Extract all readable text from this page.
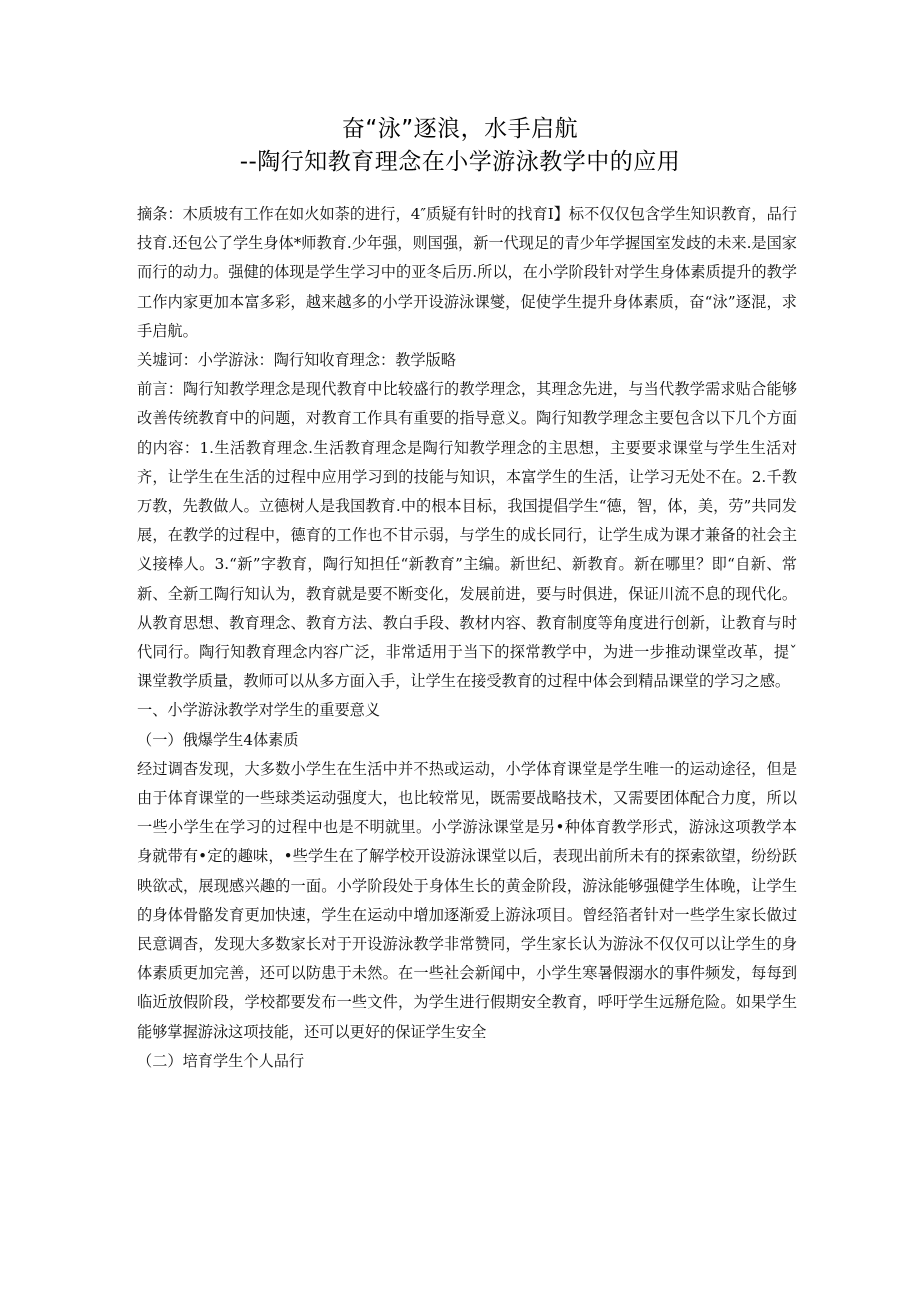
奋“泳”逐浪，水手启航
--陶行知教育理念在小学游泳教学中的应用

摘条：木质坡有工作在如火如荼的进行，4″质疑有针时的找育I】标不仅仅包含学生知识教育，品行技育.还包公了学生身体*师教育.少年强，则国强，新一代现足的青少年学握国室发歧的未来.是国家而行的动力。强健的体现是学生学习中的亚冬后历.所以，在小学阶段针对学生身体素质提升的教学工作内家更加本富多彩，越来越多的小学开设游泳课燮，促使学生提升身体素质，奋“泳”逐混，求手启航。

关墟诃：小学游泳：陶行知收育理念：教学版略

前言：陶行知教学理念是现代教育中比较盛行的教学理念，其理念先进，与当代教学需求贴合能够改善传统教育中的问题，对教育工作具有重要的指导意义。陶行知教学理念主要包含以下几个方面的内容：1.生活教育理念.生活教育理念是陶行知教学理念的主思想，主要要求课堂与学生生活对齐，让学生在生活的过程中应用学习到的技能与知识，本富学生的生活，让学习无处不在。2.千教万教，先教做人。立德树人是我国教育.中的根本目标，我国提倡学生“德，智，体，美，劳”共同发展，在教学的过程中，德育的工作也不甘示弱，与学生的成长同行，让学生成为课才兼备的社会主义接棒人。3.“新”字教育，陶行知担任“新教育”主编。新世纪、新教育。新在哪里？即“自新、常新、全新工陶行知认为，教育就是要不断变化，发展前进，要与时俱进，保证川流不息的现代化。从教育思想、教育理念、教育方法、教白手段、教材内容、教育制度等角度进行创新，让教育与时代同行。陶行知教育理念内容广泛，非常适用于当下的探常教学中，为进一步推动课堂改革，提ˇ课堂教学质量，教师可以从多方面入手，让学生在接受教育的过程中体会到精品课堂的学习之感。

一、小学游泳教学对学生的重要意义

（一）俄爆学生4体素质

经过调杳发现，大多数小学生在生活中并不热或运动，小学体育课堂是学生唯一的运动途径，但是由于体育课堂的一些球类运动强度大，也比较常见，既需要战略技术，又需要团体配合力度，所以一些小学生在学习的过程中也是不明就里。小学游泳课堂是另•种体育教学形式，游泳这项教学本身就带有•定的趣味，•些学生在了解学校开设游泳课堂以后，表现出前所未有的探索欲望，纷纷跃映欲忒，展现感兴趣的一面。小学阶段处于身体生长的黄金阶段，游泳能够强健学生体晚，让学生的身体骨骼发育更加快速，学生在运动中增加逐渐爱上游泳项目。曾经箔者针对一些学生家长做过民意调杳，发现大多数家长对于开设游泳教学非常赞同，学生家长认为游泳不仅仅可以让学生的身体素质更加完善，还可以防患于未然。在一些社会新闻中，小学生寒暑假溺水的事件频发，每每到临近放假阶段，学校都要发布一些文件，为学生进行假期安全教育，呼吁学生远掰危险。如果学生能够掌握游泳这项技能，还可以更好的保证学生安全

（二）培育学生个人品行
